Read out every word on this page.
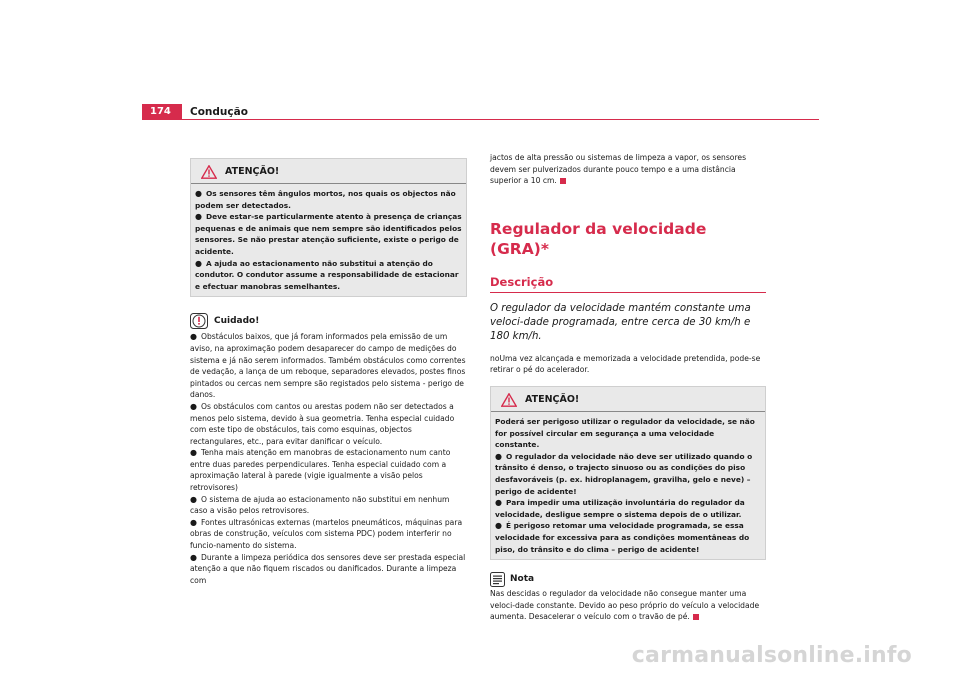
174	Condução
ATENÇÃO!

● Os sensores têm ângulos mortos, nos quais os objectos não podem ser detectados.

● Deve estar-se particularmente atento à presença de crianças pequenas e de animais que nem sempre são identificados pelos sensores. Se não prestar atenção suficiente, existe o perigo de acidente.

● A ajuda ao estacionamento não substitui a atenção do condutor. O condutor assume a responsabilidade de estacionar e efectuar manobras semelhantes.

Cuidado!

● Obstáculos baixos, que já foram informados pela emissão de um aviso, na aproximação podem desaparecer do campo de medições do sistema e já não serem informados. Também obstáculos como correntes de vedação, a lança de um reboque, separadores elevados, postes finos pintados ou cercas nem sempre são registados pelo sistema - perigo de danos.

● Os obstáculos com cantos ou arestas podem não ser detectados a menos pelo sistema, devido à sua geometria. Tenha especial cuidado com este tipo de obstáculos, tais como esquinas, objectos rectangulares, etc., para evitar danificar o veículo.

● Tenha mais atenção em manobras de estacionamento num canto entre duas paredes perpendiculares. Tenha especial cuidado com a aproximação lateral à parede (vigie igualmente a visão pelos retrovisores)

● O sistema de ajuda ao estacionamento não substitui em nenhum caso a visão pelos retrovisores.

● Fontes ultrasónicas externas (martelos pneumáticos, máquinas para obras de construção, veículos com sistema PDC) podem interferir no funcio-namento do sistema.

● Durante a limpeza periódica dos sensores deve ser prestada especial atenção a que não fiquem riscados ou danificados. Durante a limpeza com

jactos de alta pressão ou sistemas de limpeza a vapor, os sensores devem ser pulverizados durante pouco tempo e a uma distância superior a 10 cm.

Regulador da velocidade (GRA)*
Descrição

O regulador da velocidade mantém constante uma veloci-dade programada, entre cerca de 30 km/h e 180 km/h.

noUma vez alcançada e memorizada a velocidade pretendida, pode-se retirar o pé do acelerador.

ATENÇÃO!

Poderá ser perigoso utilizar o regulador da velocidade, se não for possível circular em segurança a uma velocidade constante.

● O regulador da velocidade não deve ser utilizado quando o trânsito é denso, o trajecto sinuoso ou as condições do piso desfavoráveis (p. ex. hidroplanagem, gravilha, gelo e neve) – perigo de acidente!

● Para impedir uma utilização involuntária do regulador da velocidade, desligue sempre o sistema depois de o utilizar.

● É perigoso retomar uma velocidade programada, se essa velocidade for excessiva para as condições momentâneas do piso, do trânsito e do clima – perigo de acidente!

Nota

Nas descidas o regulador da velocidade não consegue manter uma veloci-dade constante. Devido ao peso próprio do veículo a velocidade aumenta. Desacelerar o veículo com o travão de pé.

carmanualsonline.info
